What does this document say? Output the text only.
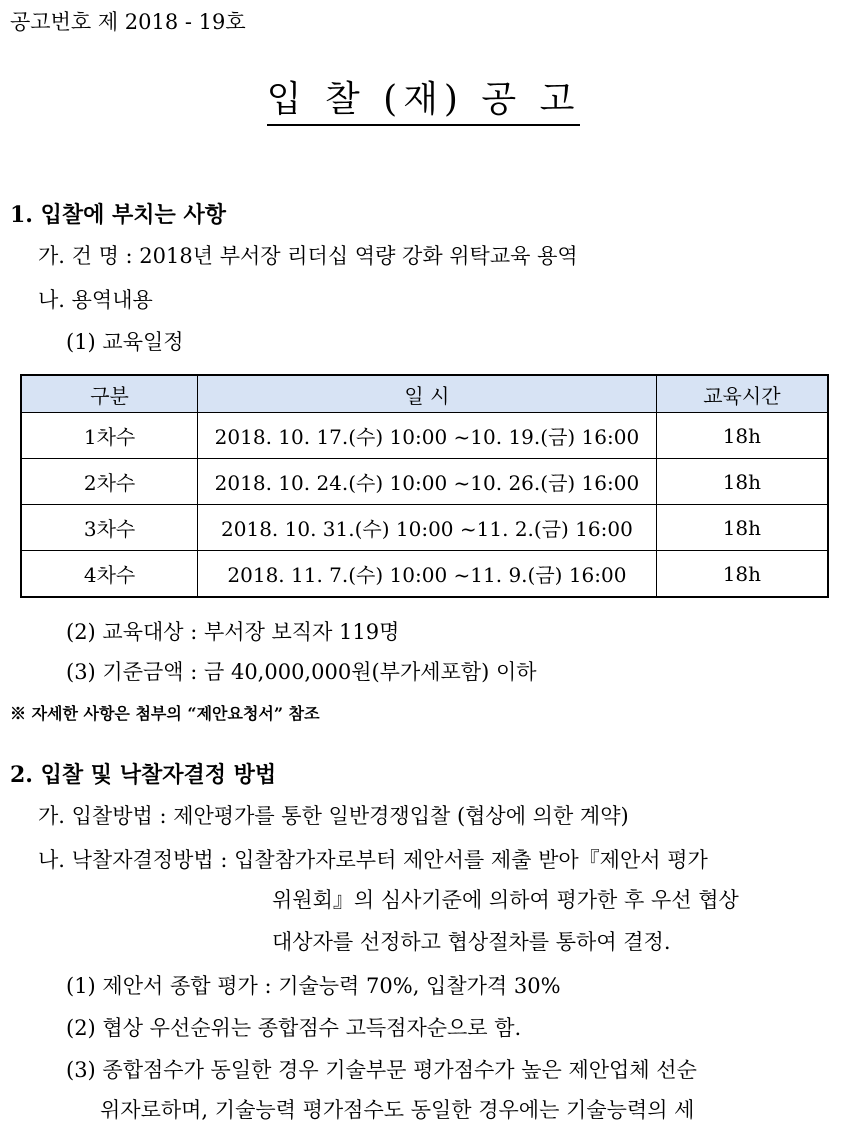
공고번호 제 2018 - 19호
입 찰 (재) 공 고
1. 입찰에 부치는 사항
가. 건 명 : 2018년 부서장 리더십 역량 강화 위탁교육 용역
나. 용역내용
(1) 교육일정
구분	일 시	교육시간
1차수	2018. 10. 17.(수) 10:00 ~10. 19.(금) 16:00	18h
2차수	2018. 10. 24.(수) 10:00 ~10. 26.(금) 16:00	18h
3차수	2018. 10. 31.(수) 10:00 ~11. 2.(금) 16:00	18h
4차수	2018. 11. 7.(수) 10:00 ~11. 9.(금) 16:00	18h
(2) 교육대상 : 부서장 보직자 119명
(3) 기준금액 : 금 40,000,000원(부가세포함) 이하
※ 자세한 사항은 첨부의 “제안요청서” 참조
2. 입찰 및 낙찰자결정 방법
가. 입찰방법 : 제안평가를 통한 일반경쟁입찰 (협상에 의한 계약)
나. 낙찰자결정방법 : 입찰참가자로부터 제안서를 제출 받아『제안서 평가
위원회』의 심사기준에 의하여 평가한 후 우선 협상
대상자를 선정하고 협상절차를 통하여 결정.
(1) 제안서 종합 평가 : 기술능력 70%, 입찰가격 30%
(2) 협상 우선순위는 종합점수 고득점자순으로 함.
(3) 종합점수가 동일한 경우 기술부문 평가점수가 높은 제안업체 선순
위자로하며, 기술능력 평가점수도 동일한 경우에는 기술능력의 세
